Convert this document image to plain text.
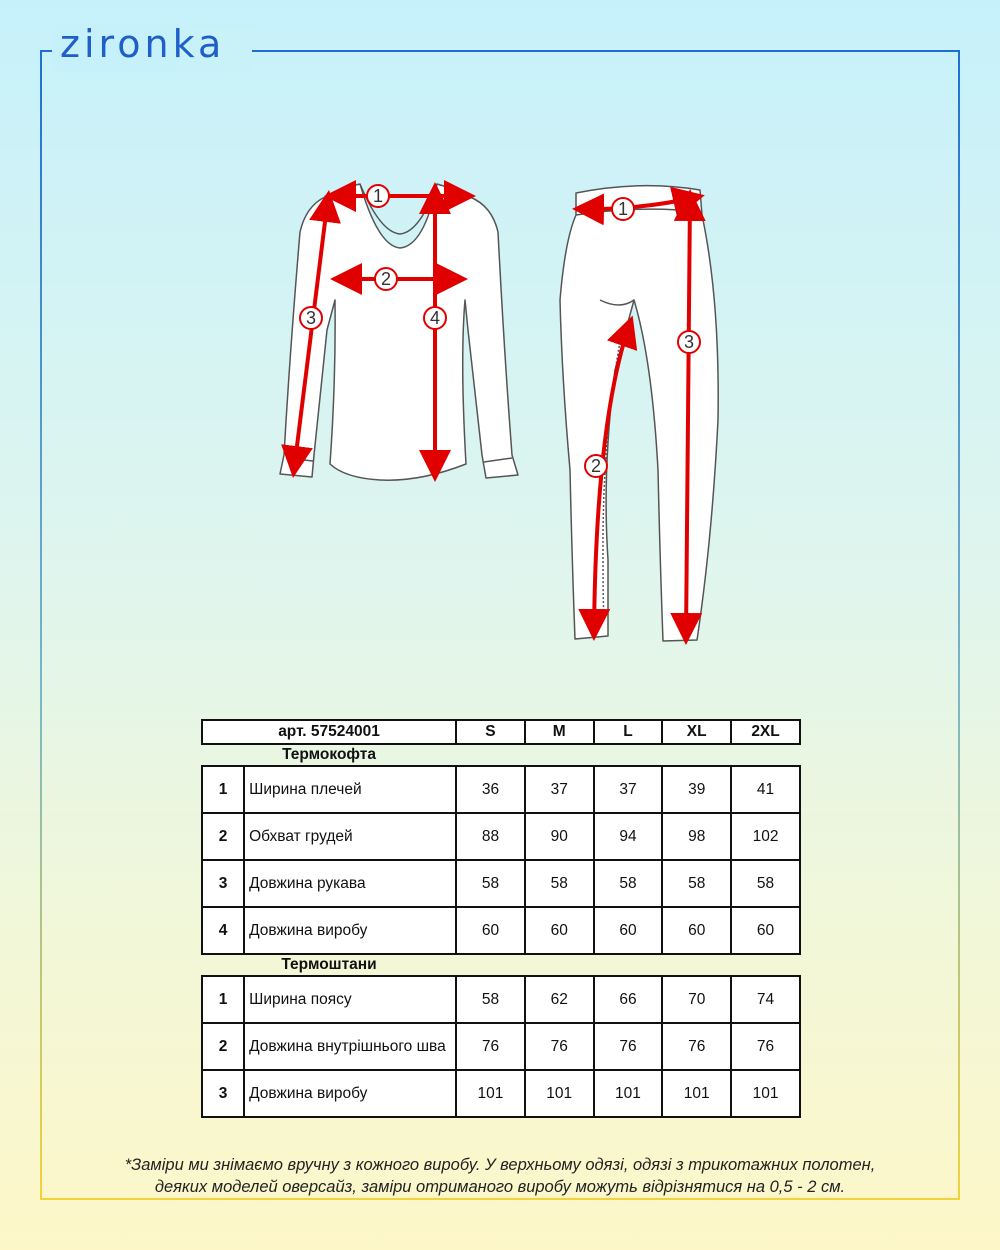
zironka
1
2
3	4
1
2
3
арт. 57524001		S	M	L	XL	2XL
Термокофта						
1	Ширина плечей	36	37	37	39	41
2	Обхват грудей	88	90	94	98	102
3	Довжина рукава	58	58	58	58	58
4	Довжина виробу	60	60	60	60	60
Термоштани						
1	Ширина поясу	58	62	66	70	74
2	Довжина внутрішнього шва	76	76	76	76	76
3	Довжина виробу	101	101	101	101	101
*Заміри ми знімаємо вручну з кожного виробу. У верхньому одязі, одязі з трикотажних полотен,
деяких моделей оверсайз, заміри отриманого виробу можуть відрізнятися на 0,5 - 2 см.
